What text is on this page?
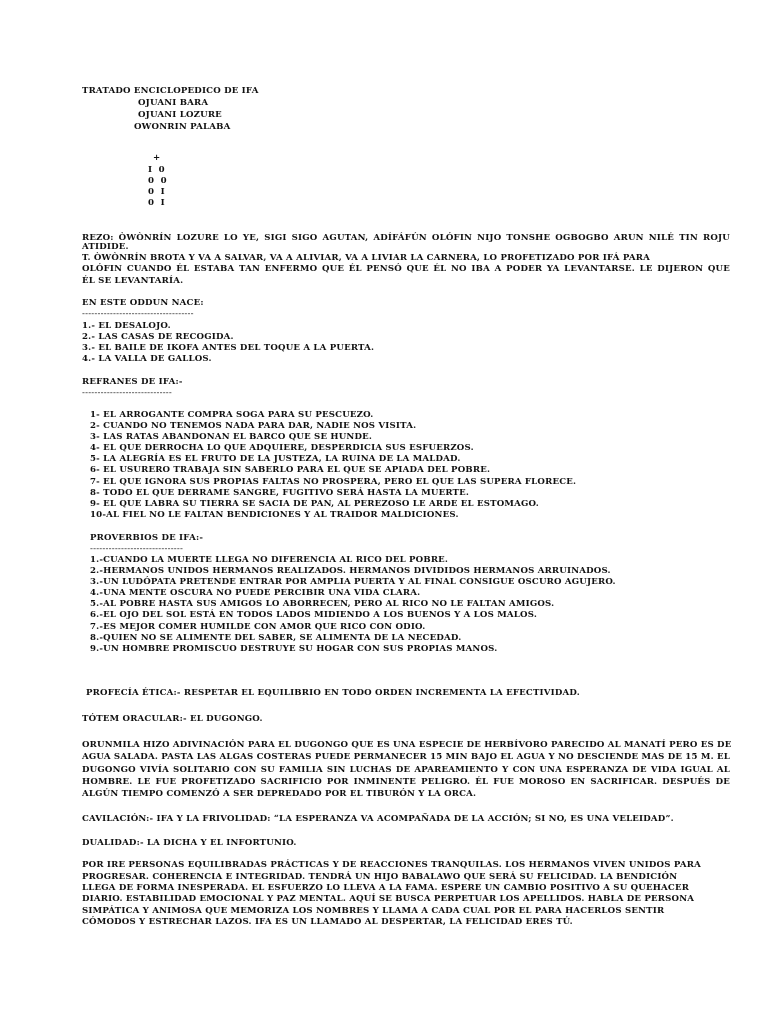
TRATADO ENCICLOPEDICO DE IFA
OJUANI BARA
OJUANI LOZURE
OWONRIN PALABA
+
I  0
0  0
0  I
0  I
REZO: ÒWÒNRÍN LOZURE LO YE, SIGI SIGO AGUTAN, ADÍFÁFÚN OLÓFIN NIJO TONSHE OGBOGBO ARUN NILÉ TIN ROJU
ATIDIDE.
T. ÒWÒNRÍN BROTA Y VA A SALVAR, VA A ALIVIAR, VA A LIVIAR LA CARNERA, LO PROFETIZADO POR IFÁ PARA
OLÓFIN CUANDO ÉL ESTABA TAN ENFERMO QUE ÉL PENSÓ QUE ÉL NO IBA A PODER YA LEVANTARSE. LE DIJERON QUE
ÉL SE LEVANTARÍA.
EN ESTE ODDUN NACE:
------------------------------------
1.- EL DESALOJO.
2.- LAS CASAS DE RECOGIDA.
3.- EL BAILE DE IKOFA ANTES DEL TOQUE A LA PUERTA.
4.- LA VALLA DE GALLOS.
REFRANES DE IFA:-
-----------------------------
1- EL ARROGANTE COMPRA SOGA PARA SU PESCUEZO.
2- CUANDO NO TENEMOS NADA PARA DAR, NADIE NOS VISITA.
3- LAS RATAS ABANDONAN EL BARCO QUE SE HUNDE.
4- EL QUE DERROCHA LO QUE ADQUIERE, DESPERDICIA SUS ESFUERZOS.
5- LA ALEGRÍA ES EL FRUTO DE LA JUSTEZA, LA RUINA DE LA MALDAD.
6- EL USURERO TRABAJA SIN SABERLO PARA EL QUE SE APIADA DEL POBRE.
7- EL QUE IGNORA SUS PROPIAS FALTAS NO PROSPERA, PERO EL QUE LAS SUPERA FLORECE.
8- TODO EL QUE DERRAME SANGRE, FUGITIVO SERÁ HASTA LA MUERTE.
9- EL QUE LABRA SU TIERRA SE SACIA DE PAN, AL PEREZOSO LE ARDE EL ESTOMAGO.
10-AL FIEL NO LE FALTAN BENDICIONES Y AL TRAIDOR MALDICIONES.
PROVERBIOS DE IFA:-
------------------------------
1.-CUANDO LA MUERTE LLEGA NO DIFERENCIA AL RICO DEL POBRE.
2.-HERMANOS UNIDOS HERMANOS REALIZADOS. HERMANOS DIVIDIDOS HERMANOS ARRUINADOS.
3.-UN LUDÓPATA PRETENDE ENTRAR POR AMPLIA PUERTA Y AL FINAL CONSIGUE OSCURO AGUJERO.
4.-UNA MENTE OSCURA NO PUEDE PERCIBIR UNA VIDA CLARA.
5.-AL POBRE HASTA SUS AMIGOS LO ABORRECEN, PERO AL RICO NO LE FALTAN AMIGOS.
6.-EL OJO DEL SOL ESTÁ EN TODOS LADOS MIDIENDO A LOS BUENOS Y A LOS MALOS.
7.-ES MEJOR COMER HUMILDE CON AMOR QUE RICO CON ODIO.
8.-QUIEN NO SE ALIMENTE DEL SABER, SE ALIMENTA DE LA NECEDAD.
9.-UN HOMBRE PROMISCUO DESTRUYE SU HOGAR CON SUS PROPIAS MANOS.
PROFECÍA ÉTICA:- RESPETAR EL EQUILIBRIO EN TODO ORDEN INCREMENTA LA EFECTIVIDAD.
TÓTEM ORACULAR:- EL DUGONGO.
ORUNMILA HIZO ADIVINACIÓN PARA EL DUGONGO QUE ES UNA ESPECIE DE HERBÍVORO PARECIDO AL MANATÍ PERO ES DE
AGUA SALADA. PASTA LAS ALGAS COSTERAS PUEDE PERMANECER 15 MIN BAJO EL AGUA Y NO DESCIENDE MAS DE 15 M. EL
DUGONGO VIVÍA SOLITARIO CON SU FAMILIA SIN LUCHAS DE APAREAMIENTO Y CON UNA ESPERANZA DE VIDA IGUAL AL
HOMBRE. LE FUE PROFETIZADO SACRIFICIO POR INMINENTE PELIGRO. ÉL FUE MOROSO EN SACRIFICAR. DESPUÉS DE
ALGÚN TIEMPO COMENZÓ A SER DEPREDADO POR EL TIBURÓN Y LA ORCA.
CAVILACIÓN:- IFA Y LA FRIVOLIDAD: “LA ESPERANZA VA ACOMPAÑADA DE LA ACCIÓN; SI NO, ES UNA VELEIDAD”.
DUALIDAD:- LA DICHA Y EL INFORTUNIO.
POR IRE PERSONAS EQUILIBRADAS PRÁCTICAS Y DE REACCIONES TRANQUILAS. LOS HERMANOS VIVEN UNIDOS PARA
PROGRESAR. COHERENCIA E INTEGRIDAD. TENDRÁ UN HIJO BABALAWO QUE SERÁ SU FELICIDAD. LA BENDICIÓN
LLEGA DE FORMA INESPERADA. EL ESFUERZO LO LLEVA A LA FAMA. ESPERE UN CAMBIO POSITIVO A SU QUEHACER
DIARIO. ESTABILIDAD EMOCIONAL Y PAZ MENTAL. AQUÍ SE BUSCA PERPETUAR LOS APELLIDOS. HABLA DE PERSONA
SIMPÁTICA Y ANIMOSA QUE MEMORIZA LOS NOMBRES Y LLAMA A CADA CUAL POR EL PARA HACERLOS SENTIR
CÓMODOS Y ESTRECHAR LAZOS. IFA ES UN LLAMADO AL DESPERTAR, LA FELICIDAD ERES TÚ.
